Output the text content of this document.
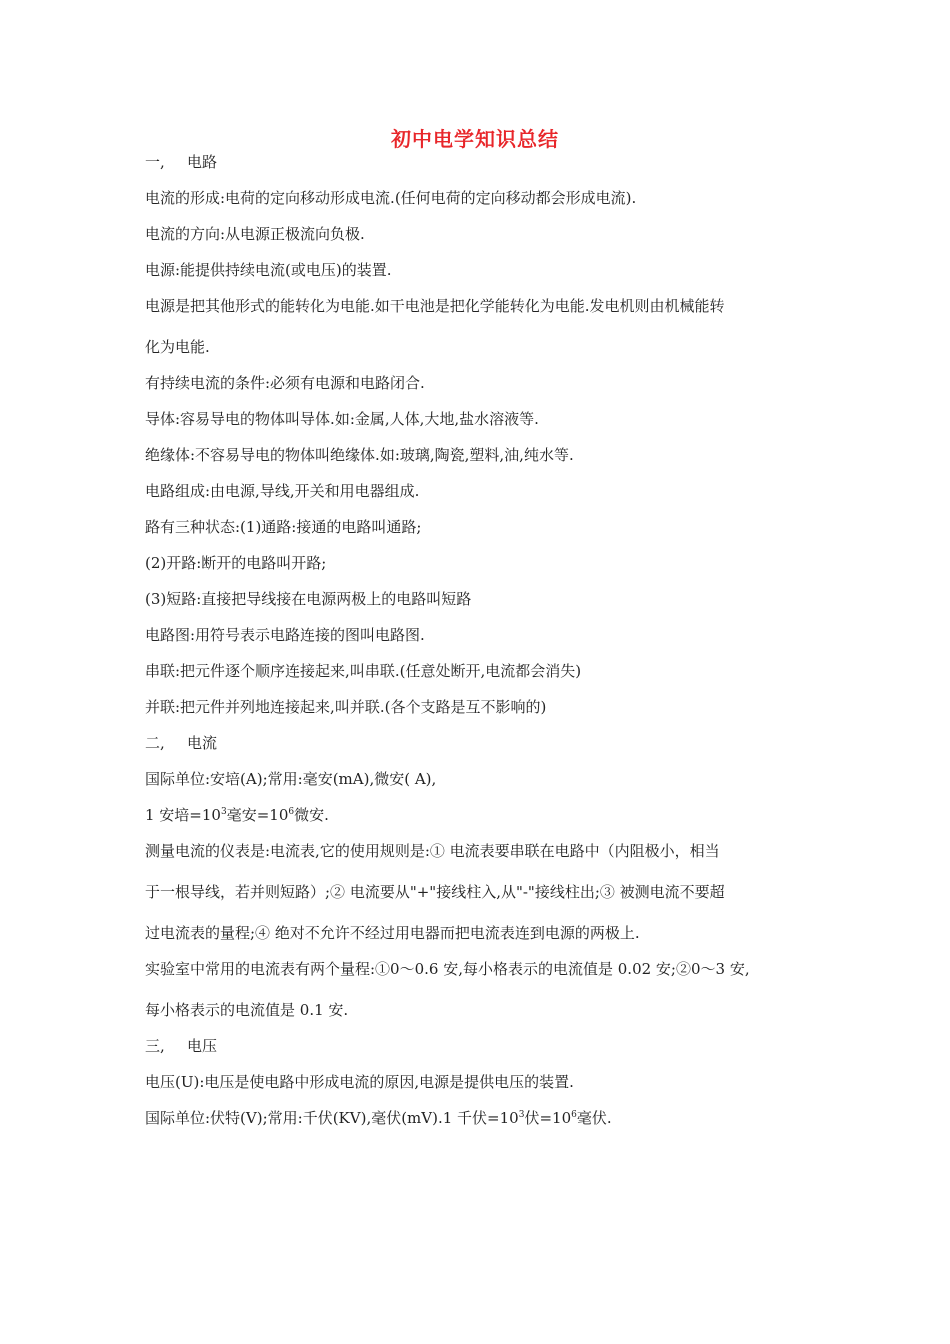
初中电学知识总结
一, 电路
电流的形成:电荷的定向移动形成电流.(任何电荷的定向移动都会形成电流).
电流的方向:从电源正极流向负极.
电源:能提供持续电流(或电压)的装置.
电源是把其他形式的能转化为电能.如干电池是把化学能转化为电能.发电机则由机械能转
化为电能.
有持续电流的条件:必须有电源和电路闭合.
导体:容易导电的物体叫导体.如:金属,人体,大地,盐水溶液等.
绝缘体:不容易导电的物体叫绝缘体.如:玻璃,陶瓷,塑料,油,纯水等.
电路组成:由电源,导线,开关和用电器组成.
路有三种状态:(1)通路:接通的电路叫通路;
(2)开路:断开的电路叫开路;
(3)短路:直接把导线接在电源两极上的电路叫短路
电路图:用符号表示电路连接的图叫电路图.
串联:把元件逐个顺序连接起来,叫串联.(任意处断开,电流都会消失)
并联:把元件并列地连接起来,叫并联.(各个支路是互不影响的)
二, 电流
国际单位:安培(A);常用:毫安(mA),微安( A),
1 安培$=10^3$毫安$=10^6$微安.
测量电流的仪表是:电流表,它的使用规则是:① 电流表要串联在电路中（内阻极小，相当
于一根导线，若并则短路）;② 电流要从"+"接线柱入,从"-"接线柱出;③ 被测电流不要超
过电流表的量程;④ 绝对不允许不经过用电器而把电流表连到电源的两极上.
实验室中常用的电流表有两个量程:①0～0.6 安,每小格表示的电流值是 0.02 安;②0～3 安,
每小格表示的电流值是 0.1 安.
三, 电压
电压(U):电压是使电路中形成电流的原因,电源是提供电压的装置.
国际单位:伏特(V);常用:千伏(KV),毫伏(mV).1 千伏$=10^3$伏$=10^6$毫伏.
